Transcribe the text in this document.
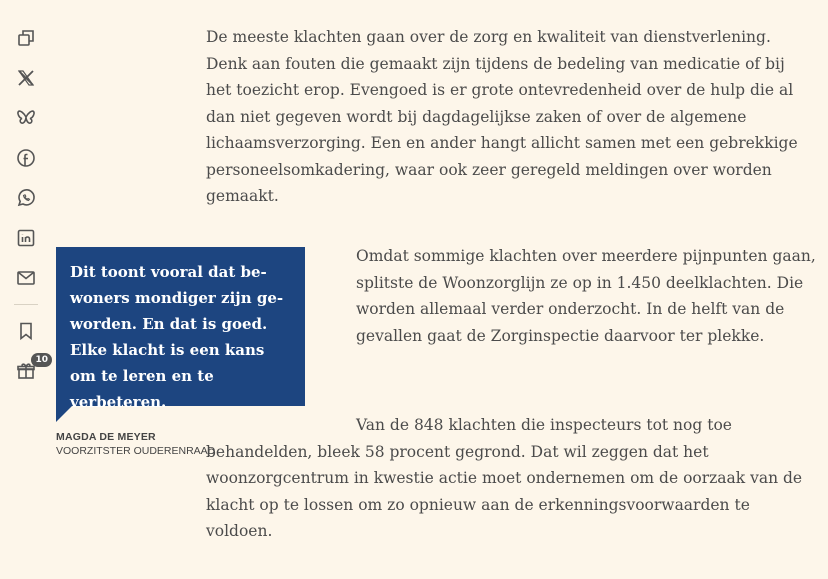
10

De meeste klachten gaan over de zorg en kwaliteit van dienstverlening. Denk aan fouten die gemaakt zijn tijdens de bedeling van medicatie of bij het toezicht erop. Evengoed is er grote ontevredenheid over de hulp die al dan niet gegeven wordt bij dagdagelijkse zaken of over de algemene lichaamsverzorging. Een en ander hangt allicht samen met een gebrekkige personeelsomkadering, waar ook zeer geregeld meldingen over worden gemaakt.

Dit toont vooral dat bewoners mondiger zijn geworden. En dat is goed. Elke klacht is een kans om te leren en te verbeteren.
MAGDA DE MEYER
VOORZITSTER OUDERENRAAD

Omdat sommige klachten over meerdere pijnpunten gaan, splitste de Woonzorglijn ze op in 1.450 deelklachten. Die worden allemaal verder onderzocht. In de helft van de gevallen gaat de Zorginspectie daarvoor ter plekke.

Van de 848 klachten die inspecteurs tot nog toe behandelden, bleek 58 procent gegrond. Dat wil zeggen dat het woonzorgcentrum in kwestie actie moet ondernemen om de oorzaak van de klacht op te lossen om zo opnieuw aan de erkenningsvoorwaarden te voldoen.
